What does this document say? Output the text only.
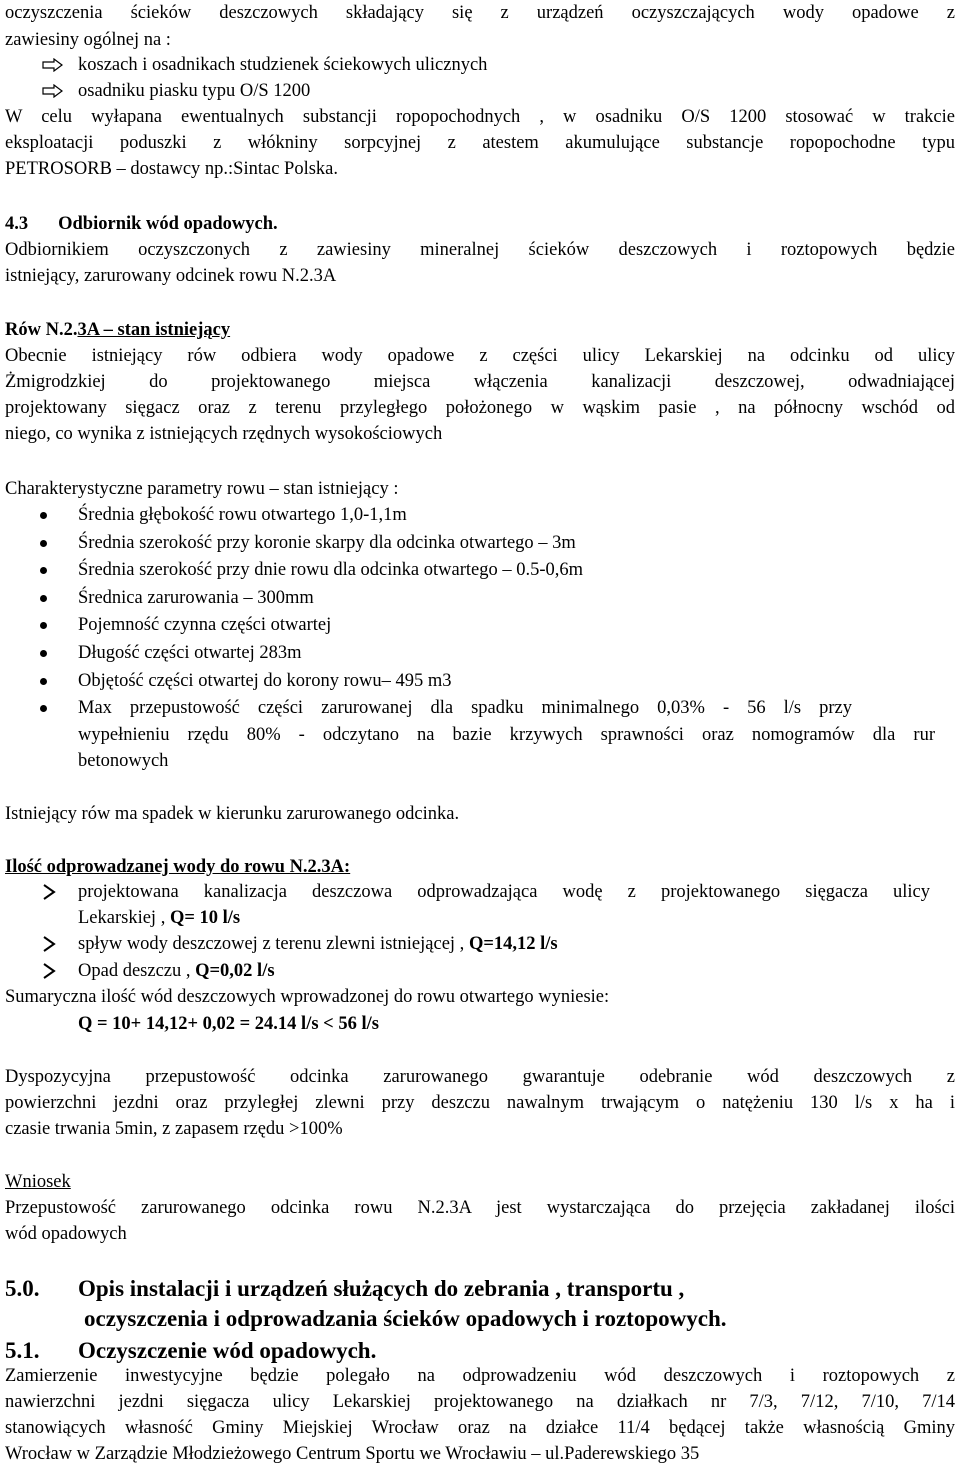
oczyszczenia ścieków deszczowych składający się z urządzeń oczyszczających wody opadowe z
zawiesiny ogólnej na :
koszach i osadnikach studzienek ściekowych ulicznych
osadniku piasku typu O/S 1200
W celu wyłapana ewentualnych substancji ropopochodnych , w osadniku O/S 1200 stosować w trakcie
eksploatacji poduszki z włókniny sorpcyjnej z atestem akumulujące substancje ropopochodne typu
PETROSORB – dostawcy np.:Sintac Polska.
4.3 Odbiornik wód opadowych.
Odbiornikiem oczyszczonych z zawiesiny mineralnej ścieków deszczowych i roztopowych będzie
istniejący, zarurowany odcinek rowu N.2.3A
Rów N.2.3A – stan istniejący
Obecnie istniejący rów odbiera wody opadowe z części ulicy Lekarskiej na odcinku od ulicy
Żmigrodzkiej do projektowanego miejsca włączenia kanalizacji deszczowej, odwadniającej
projektowany sięgacz oraz z terenu przyległego położonego w wąskim pasie , na północny wschód od
niego, co wynika z istniejących rzędnych wysokościowych
Charakterystyczne parametry rowu – stan istniejący :
Średnia głębokość rowu otwartego 1,0-1,1m
Średnia szerokość przy koronie skarpy dla odcinka otwartego – 3m
Średnia szerokość przy dnie rowu dla odcinka otwartego – 0.5-0,6m
Średnica zarurowania – 300mm
Pojemność czynna części otwartej
Długość części otwartej 283m
Objętość części otwartej do korony rowu– 495 m3
Max przepustowość części zarurowanej dla spadku minimalnego 0,03% - 56 l/s przy
wypełnieniu rzędu 80% - odczytano na bazie krzywych sprawności oraz nomogramów dla rur
betonowych
Istniejący rów ma spadek w kierunku zarurowanego odcinka.
Ilość odprowadzanej wody do rowu N.2.3A:
projektowana kanalizacja deszczowa odprowadzająca wodę z projektowanego sięgacza ulicy
Lekarskiej , Q= 10 l/s
spływ wody deszczowej z terenu zlewni istniejącej , Q=14,12 l/s
Opad deszczu , Q=0,02 l/s
Sumaryczna ilość wód deszczowych wprowadzonej do rowu otwartego wyniesie:
Q = 10+ 14,12+ 0,02 = 24.14 l/s < 56 l/s
Dyspozycyjna przepustowość odcinka zarurowanego gwarantuje odebranie wód deszczowych z
powierzchni jezdni oraz przyległej zlewni przy deszczu nawalnym trwającym o natężeniu 130 l/s x ha i
czasie trwania 5min, z zapasem rzędu >100%
Wniosek
Przepustowość zarurowanego odcinka rowu N.2.3A jest wystarczająca do przejęcia zakładanej ilości
wód opadowych
5.0.	Opis instalacji i urządzeń służących do zebrania , transportu ,
oczyszczenia i odprowadzania ścieków opadowych i roztopowych.
5.1.	Oczyszczenie wód opadowych.
Zamierzenie inwestycyjne będzie polegało na odprowadzeniu wód deszczowych i roztopowych z
nawierzchni jezdni sięgacza ulicy Lekarskiej projektowanego na działkach nr 7/3, 7/12, 7/10, 7/14
stanowiących własność Gminy Miejskiej Wrocław oraz na działce 11/4 będącej także własnością Gminy
Wrocław w Zarządzie Młodzieżowego Centrum Sportu we Wrocławiu – ul.Paderewskiego 35
